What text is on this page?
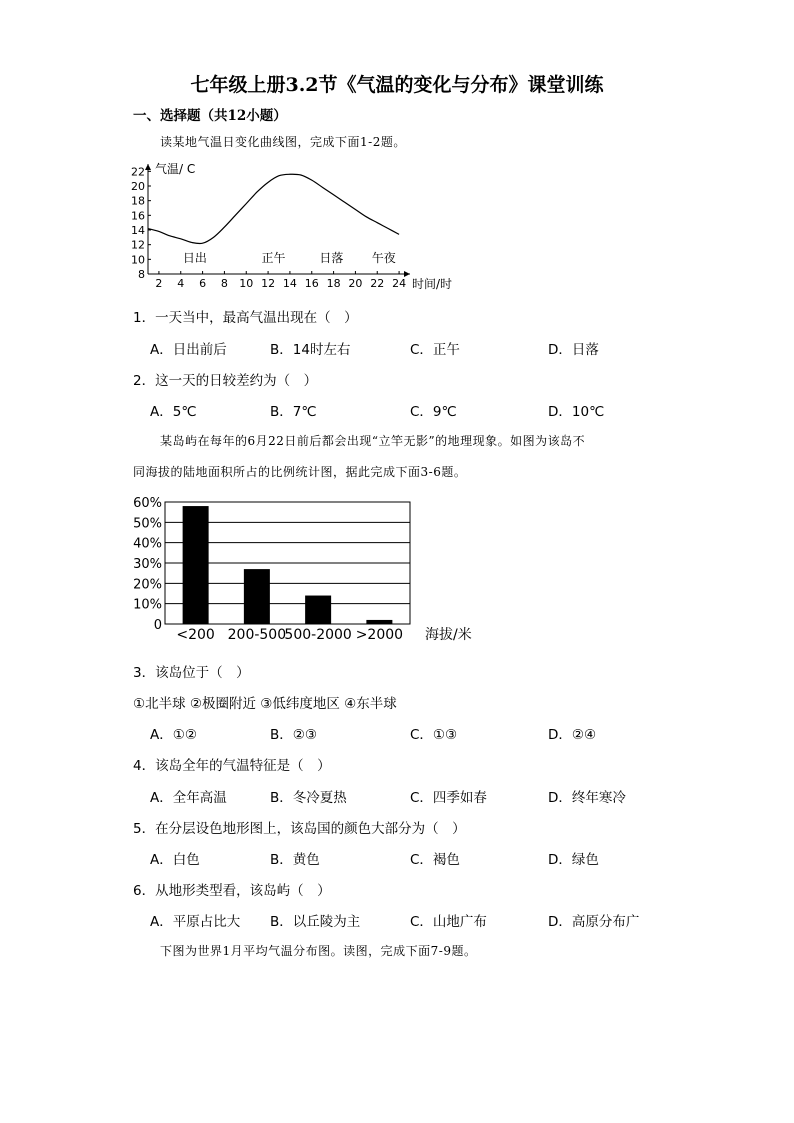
七年级上册3.2节《气温的变化与分布》课堂训练
一、选择题（共12小题）
读某地气温日变化曲线图，完成下面1-2题。
8
10
12
14
16
18
20
22
2 4 6 8 10 12 14 16 18 20 22 24
日出	正午	日落 午夜
气温/ C
时间/时
1．一天当中，最高气温出现在（　）
A．日出前后	B．14时左右	C．正午	D．日落
2．这一天的日较差约为（　）
A．5℃	B．7℃	C．9℃	D．10℃
某岛屿在每年的6月22日前后都会出现“立竿无影”的地理现象。如图为该岛不
同海拔的陆地面积所占的比例统计图，据此完成下面3-6题。
0
10%
20%
30%
40%
50%
60%
<200 200-500
500-2000 >2000 海拔/米
3．该岛位于（　）
①北半球 ②极圈附近 ③低纬度地区 ④东半球
A．①②	B．②③	C．①③	D．②④
4．该岛全年的气温特征是（　）
A．全年高温	B．冬冷夏热	C．四季如春	D．终年寒冷
5．在分层设色地形图上，该岛国的颜色大部分为（　）
A．白色	B．黄色	C．褐色	D．绿色
6．从地形类型看，该岛屿（　）
A．平原占比大 B．以丘陵为主	C．山地广布	D．高原分布广
下图为世界1月平均气温分布图。读图，完成下面7-9题。
